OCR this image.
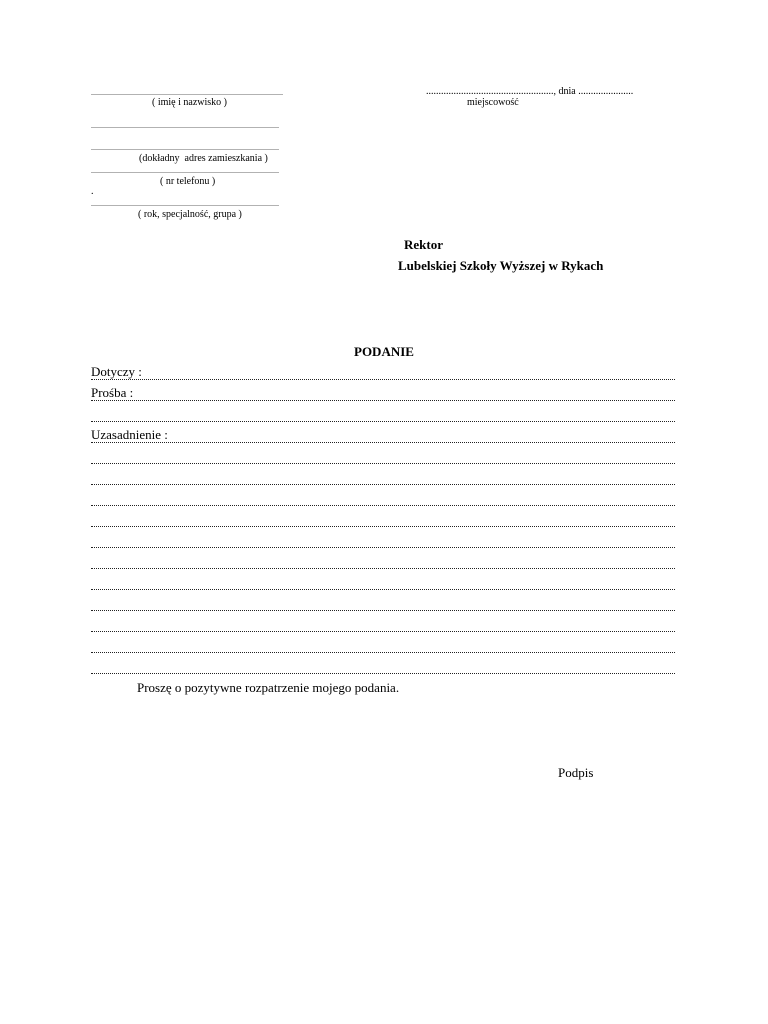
................................................................................................
( imię i nazwisko )
..................................................., dnia ......................
miejscowość
..............................................................................................
..............................................................................................
(dokładny  adres zamieszkania )
..............................................................................................
( nr telefonu )
.
..............................................................................................
( rok, specjalność, grupa )
Rektor
Lubelskiej Szkoły Wyższej w Rykach
PODANIE
Dotyczy :
Prośba :
Uzasadnienie :
Proszę o pozytywne rozpatrzenie mojego podania.
Podpis
